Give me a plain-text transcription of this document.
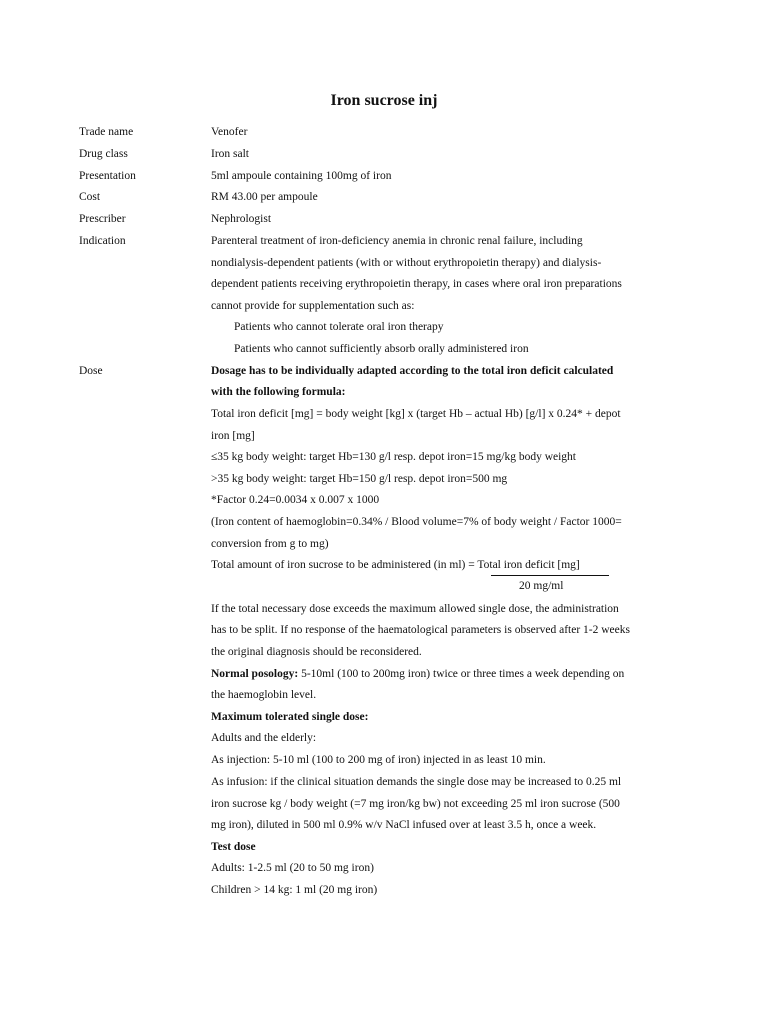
Iron sucrose inj
Trade name
Drug class
Presentation
Cost
Prescriber
Indication
Dose
Venofer
Iron salt
5ml ampoule containing 100mg of iron
RM 43.00 per ampoule
Nephrologist
Parenteral treatment of iron-deficiency anemia in chronic renal failure, including
nondialysis-dependent patients (with or without erythropoietin therapy) and dialysis-
dependent patients receiving erythropoietin therapy, in cases where oral iron preparations
cannot provide for supplementation such as:
Patients who cannot tolerate oral iron therapy
Patients who cannot sufficiently absorb orally administered iron
Dosage has to be individually adapted according to the total iron deficit calculated
with the following formula:
Total iron deficit [mg] = body weight [kg] x (target Hb – actual Hb) [g/l] x 0.24* + depot
iron [mg]
≤35 kg body weight: target Hb=130 g/l resp. depot iron=15 mg/kg body weight
>35 kg body weight: target Hb=150 g/l resp. depot iron=500 mg
*Factor 0.24=0.0034 x 0.007 x 1000
(Iron content of haemoglobin=0.34% / Blood volume=7% of body weight / Factor 1000=
conversion from g to mg)
Total amount of iron sucrose to be administered (in ml) = Total iron deficit [mg]
20 mg/ml
If the total necessary dose exceeds the maximum allowed single dose, the administration
has to be split. If no response of the haematological parameters is observed after 1-2 weeks
the original diagnosis should be reconsidered.
Normal posology: 5-10ml (100 to 200mg iron) twice or three times a week depending on
the haemoglobin level.
Maximum tolerated single dose:
Adults and the elderly:
As injection: 5-10 ml (100 to 200 mg of iron) injected in as least 10 min.
As infusion: if the clinical situation demands the single dose may be increased to 0.25 ml
iron sucrose kg / body weight (=7 mg iron/kg bw) not exceeding 25 ml iron sucrose (500
mg iron), diluted in 500 ml 0.9% w/v NaCl infused over at least 3.5 h, once a week.
Test dose
Adults: 1-2.5 ml (20 to 50 mg iron)
Children > 14 kg: 1 ml (20 mg iron)
